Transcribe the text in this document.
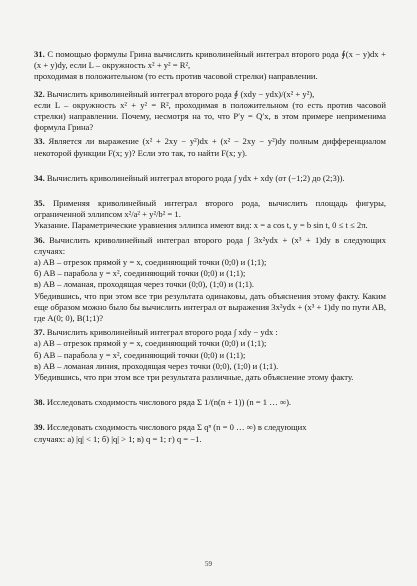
31. С помощью формулы Грина вычислить криволинейный интеграл второго рода ∮(x − y)dx + (x + y)dy, если L – окружность x² + y² = R²,

проходимая в положительном (то есть против часовой стрелки) направлении.

32. Вычислить криволинейный интеграл второго рода ∮ (xdy − ydx)/(x² + y²),

если L – окружность x² + y² = R², проходимая в положительном (то есть против часовой стрелки) направлении. Почему, несмотря на то, что P′y = Q′x, в этом примере неприменима формула Грина?

33. Является ли выражение (x² + 2xy − y²)dx + (x² − 2xy − y²)dy полным дифференциалом некоторой функции F(x; y)? Если это так, то найти F(x; y).

34. Вычислить криволинейный интеграл второго рода ∫ ydx + xdy (от (−1;2) до (2;3)).

35. Применяя криволинейный интеграл второго рода, вычислить площадь фигуры, ограниченной эллипсом x²/a² + y²/b² = 1.

Указание. Параметрические уравнения эллипса имеют вид: x = a cos t, y = b sin t, 0 ≤ t ≤ 2π.

36. Вычислить криволинейный интеграл второго рода ∫ 3x²ydx + (x³ + 1)dy в следующих случаях:

а) AB – отрезок прямой y = x, соединяющий точки (0;0) и (1;1);

б) AB – парабола y = x², соединяющий точки (0;0) и (1;1);

в) AB – ломаная, проходящая через точки (0;0), (1;0) и (1;1).

Убедившись, что при этом все три результата одинаковы, дать объяснения этому факту. Каким еще образом можно было бы вычислить интеграл от выражения 3x²ydx + (x³ + 1)dy по пути AB, где A(0; 0), B(1;1)?

37. Вычислить криволинейный интеграл второго рода ∫ xdy − ydx :

а) AB – отрезок прямой y = x, соединяющий точки (0;0) и (1;1);

б) AB – парабола y = x², соединяющий точки (0;0) и (1;1);

в) AB – ломаная линия, проходящая через точки (0;0), (1;0) и (1;1).

Убедившись, что при этом все три результата различные, дать объяснение этому факту.

38. Исследовать сходимость числового ряда Σ 1/(n(n + 1)) (n = 1 … ∞).

39. Исследовать сходимость числового ряда Σ qⁿ (n = 0 … ∞) в следующих

случаях: а) |q| < 1; б) |q| > 1; в) q = 1; г) q = −1.

59
